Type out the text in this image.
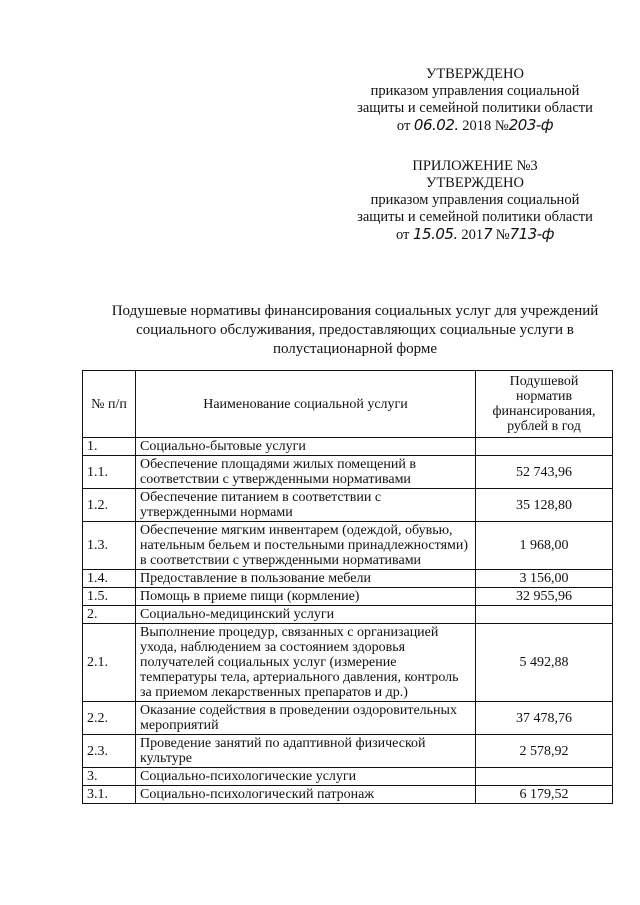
УТВЕРЖДЕНО
приказом управления социальной
защиты и семейной политики области
от 06.02. 2018 №203-ф
ПРИЛОЖЕНИЕ №3
УТВЕРЖДЕНО
приказом управления социальной
защиты и семейной политики области
от 15.05. 2017 №713-ф
Подушевые нормативы финансирования социальных услуг для учреждений
социального обслуживания, предоставляющих социальные услуги в
полустационарной форме
№ п/п	Наименование социальной услуги	Подушевой норматив финансирования, рублей в год
1.	Социально-бытовые услуги	
1.1.	Обеспечение площадями жилых помещений в соответствии с утвержденными нормативами	52 743,96
1.2.	Обеспечение питанием в соответствии с утвержденными нормами	35 128,80
1.3.	Обеспечение мягким инвентарем (одеждой, обувью, нательным бельем и постельными принадлежностями) в соответствии с утвержденными нормативами	1 968,00
1.4.	Предоставление в пользование мебели	3 156,00
1.5.	Помощь в приеме пищи (кормление)	32 955,96
2.	Социально-медицинский услуги	
2.1.	Выполнение процедур, связанных с организацией ухода, наблюдением за состоянием здоровья получателей социальных услуг (измерение температуры тела, артериального давления, контроль за приемом лекарственных препаратов и др.)	5 492,88
2.2.	Оказание содействия в проведении оздоровительных мероприятий	37 478,76
2.3.	Проведение занятий по адаптивной физической культуре	2 578,92
3.	Социально-психологические услуги	
3.1.	Социально-психологический патронаж	6 179,52
